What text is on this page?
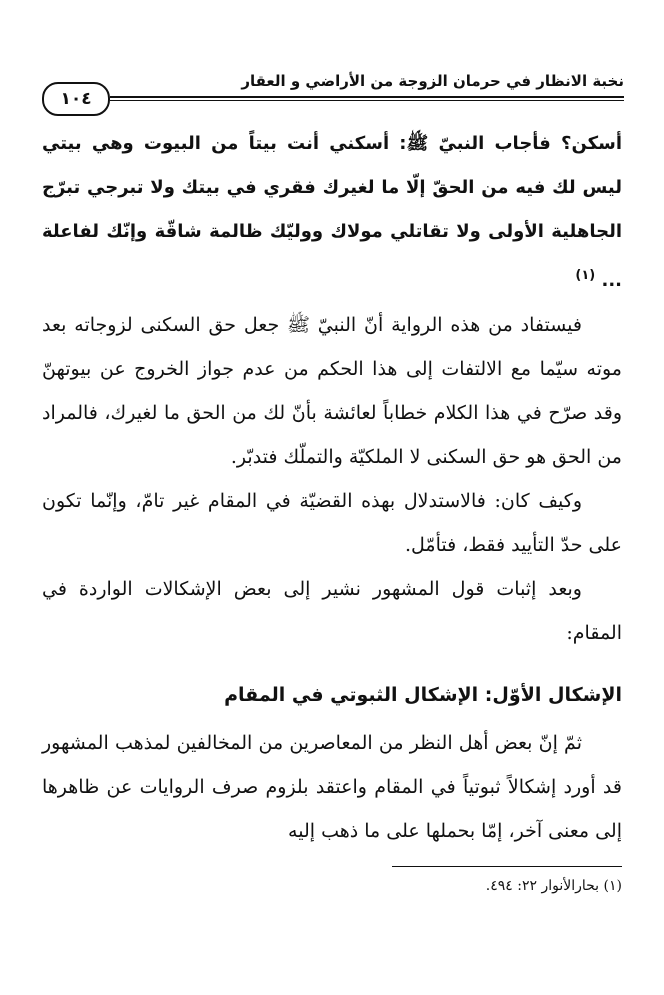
نخبة الانظار في حرمان الزوجة من الأراضي و العقار
١٠٤

أسكن؟ فأجاب النبيّ ﷺ: أسكني أنت بيتاً من البيوت وهي بيتي ليس لك فيه من الحقّ إلّا ما لغيرك فقري في بيتك ولا تبرجي تبرّج الجاهلية الأولى ولا تقاتلي مولاك ووليّك ظالمة شاقّة وإنّك لفاعلة ... $^{(١)}$

فيستفاد من هذه الرواية أنّ النبيّ ﷺ جعل حق السكنى لزوجاته بعد موته سيّما مع الالتفات إلى هذا الحكم من عدم جواز الخروج عن بيوتهنّ وقد صرّح في هذا الكلام خطاباً لعائشة بأنّ لك من الحق ما لغيرك، فالمراد من الحق هو حق السكنى لا الملكيّة والتملّك فتدبّر.

وكيف كان: فالاستدلال بهذه القضيّة في المقام غير تامّ، وإنّما تكون على حدّ التأييد فقط، فتأمّل.

وبعد إثبات قول المشهور نشير إلى بعض الإشكالات الواردة في المقام:

الإشكال الأوّل: الإشكال الثبوتي في المقام

ثمّ إنّ بعض أهل النظر من المعاصرين من المخالفين لمذهب المشهور قد أورد إشكالاً ثبوتياً في المقام واعتقد بلزوم صرف الروايات عن ظاهرها إلى معنى آخر، إمّا بحملها على ما ذهب إليه

(١) بحارالأنوار ٢٢: ٤٩٤.
